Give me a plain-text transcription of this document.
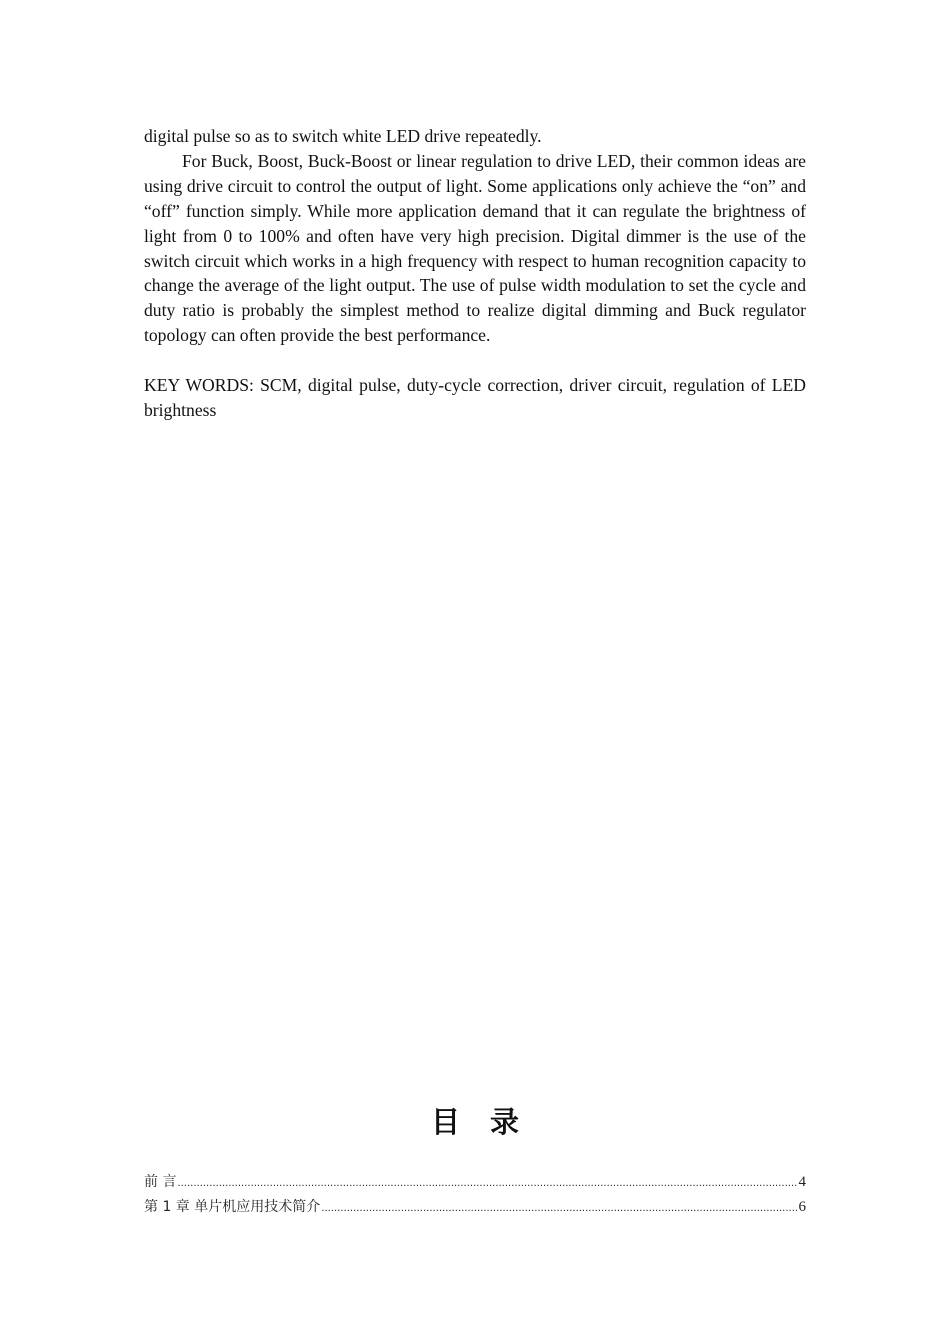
digital pulse so as to switch white LED drive repeatedly.

For Buck, Boost, Buck-Boost or linear regulation to drive LED, their common ideas are using drive circuit to control the output of light. Some applications only achieve the “on” and “off” function simply. While more application demand that it can regulate the brightness of light from 0 to 100% and often have very high precision. Digital dimmer is the use of the switch circuit which works in a high frequency with respect to human recognition capacity to change the average of the light output. The use of pulse width modulation to set the cycle and duty ratio is probably the simplest method to realize digital dimming and Buck regulator topology can often provide the best performance.

KEY WORDS: SCM, digital pulse, duty-cycle correction, driver circuit, regulation of LED brightness

目录
前 言 .....	4
第 1 章 单片机应用技术简介 .....	6
